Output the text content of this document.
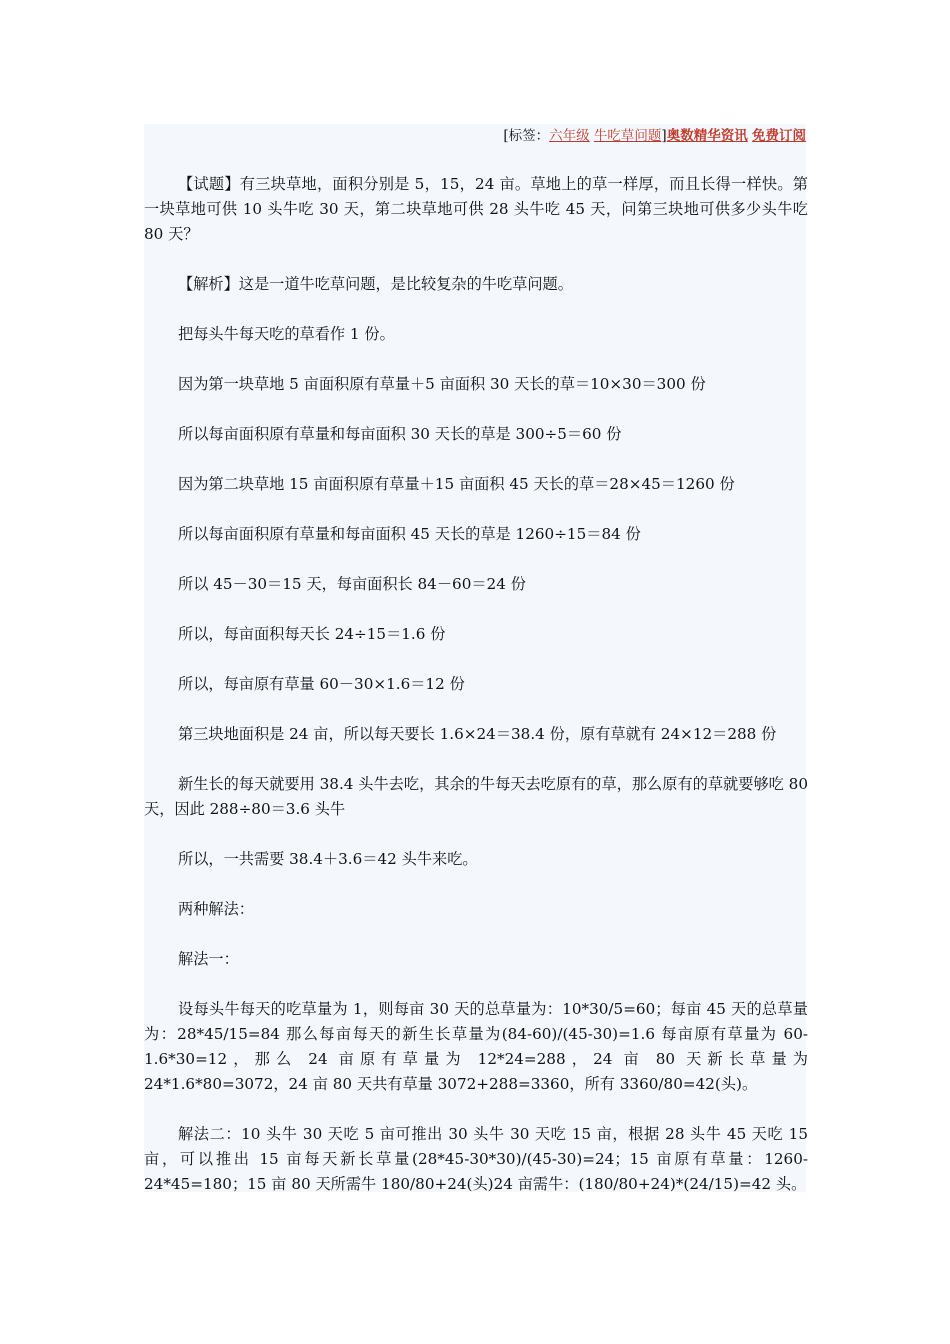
[标签：六年级 牛吃草问题]奥数精华资讯 免费订阅

【试题】有三块草地，面积分别是 5，15，24 亩。草地上的草一样厚，而且长得一样快。第一块草地可供 10 头牛吃 30 天，第二块草地可供 28 头牛吃 45 天，问第三块地可供多少头牛吃 80 天？

【解析】这是一道牛吃草问题，是比较复杂的牛吃草问题。

把每头牛每天吃的草看作 1 份。

因为第一块草地 5 亩面积原有草量＋5 亩面积 30 天长的草＝10×30＝300 份

所以每亩面积原有草量和每亩面积 30 天长的草是 300÷5＝60 份

因为第二块草地 15 亩面积原有草量＋15 亩面积 45 天长的草＝28×45＝1260 份

所以每亩面积原有草量和每亩面积 45 天长的草是 1260÷15＝84 份

所以 45－30＝15 天，每亩面积长 84－60＝24 份

所以，每亩面积每天长 24÷15＝1.6 份

所以，每亩原有草量 60－30×1.6＝12 份

第三块地面积是 24 亩，所以每天要长 1.6×24＝38.4 份，原有草就有 24×12＝288 份

新生长的每天就要用 38.4 头牛去吃，其余的牛每天去吃原有的草，那么原有的草就要够吃 80 天，因此 288÷80＝3.6 头牛

所以，一共需要 38.4＋3.6＝42 头牛来吃。

两种解法：

解法一：

设每头牛每天的吃草量为 1，则每亩 30 天的总草量为：10*30/5=60；每亩 45 天的总草量为：28*45/15=84 那么每亩每天的新生长草量为(84-60)/(45-30)=1.6 每亩原有草量为 60-1.6*30=12，那么 24 亩原有草量为 12*24=288，24 亩 80 天新长草量为 24*1.6*80=3072，24 亩 80 天共有草量 3072+288=3360，所有 3360/80=42(头)。

解法二：10 头牛 30 天吃 5 亩可推出 30 头牛 30 天吃 15 亩，根据 28 头牛 45 天吃 15 亩，可以推出 15 亩每天新长草量(28*45-30*30)/(45-30)=24；15 亩原有草量：1260-24*45=180；15 亩 80 天所需牛 180/80+24(头)24 亩需牛：(180/80+24)*(24/15)=42 头。
